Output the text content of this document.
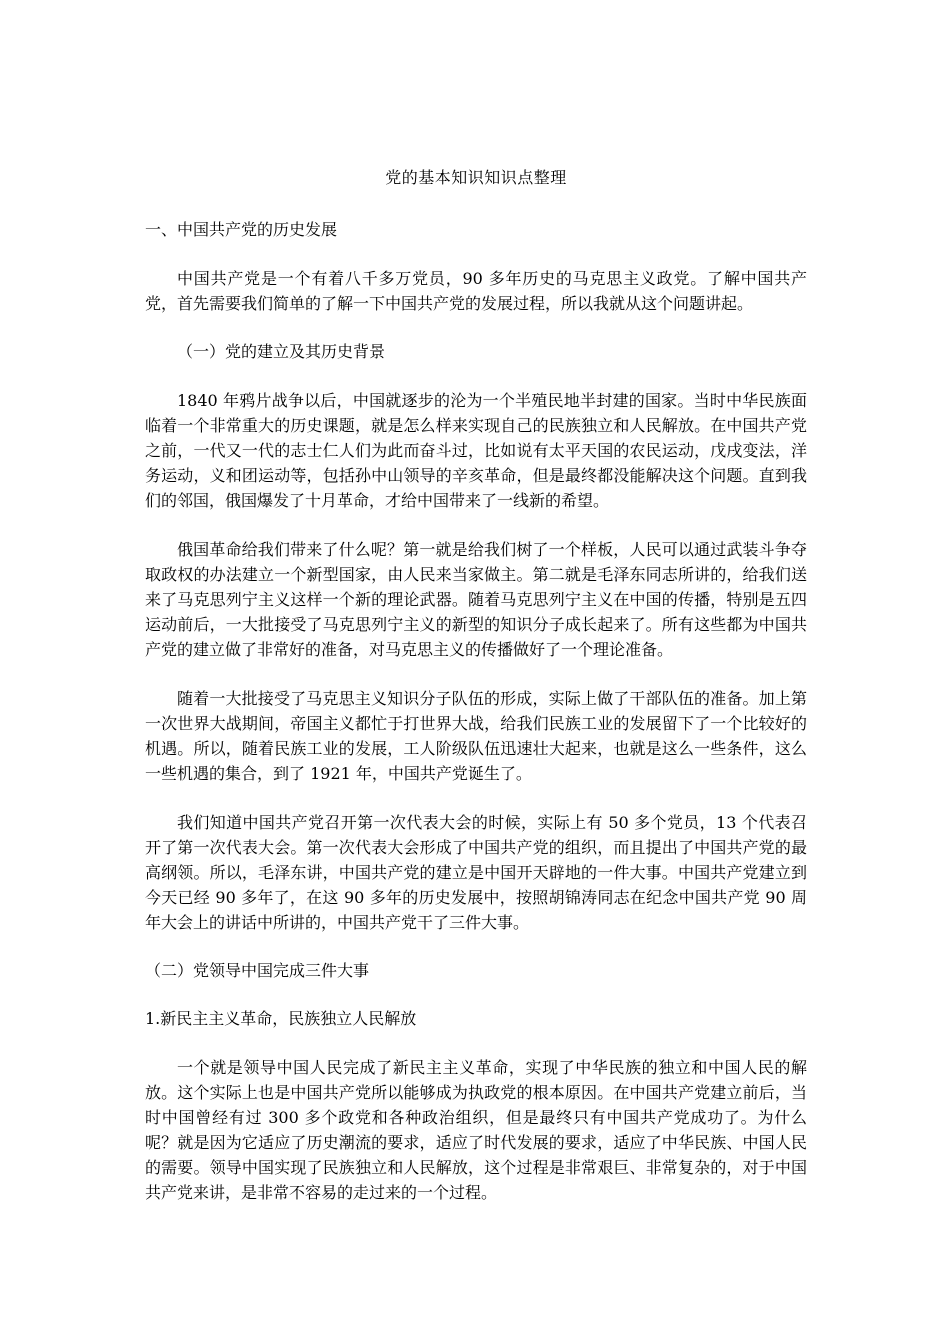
党的基本知识知识点整理
一、中国共产党的历史发展

中国共产党是一个有着八千多万党员，90 多年历史的马克思主义政党。了解中国共产党，首先需要我们简单的了解一下中国共产党的发展过程，所以我就从这个问题讲起。

（一）党的建立及其历史背景

1840 年鸦片战争以后，中国就逐步的沦为一个半殖民地半封建的国家。当时中华民族面临着一个非常重大的历史课题，就是怎么样来实现自己的民族独立和人民解放。在中国共产党之前，一代又一代的志士仁人们为此而奋斗过，比如说有太平天国的农民运动，戊戌变法，洋务运动，义和团运动等，包括孙中山领导的辛亥革命，但是最终都没能解决这个问题。直到我们的邻国，俄国爆发了十月革命，才给中国带来了一线新的希望。

俄国革命给我们带来了什么呢？第一就是给我们树了一个样板，人民可以通过武装斗争夺取政权的办法建立一个新型国家，由人民来当家做主。第二就是毛泽东同志所讲的，给我们送来了马克思列宁主义这样一个新的理论武器。随着马克思列宁主义在中国的传播，特别是五四运动前后，一大批接受了马克思列宁主义的新型的知识分子成长起来了。所有这些都为中国共产党的建立做了非常好的准备，对马克思主义的传播做好了一个理论准备。

随着一大批接受了马克思主义知识分子队伍的形成，实际上做了干部队伍的准备。加上第一次世界大战期间，帝国主义都忙于打世界大战，给我们民族工业的发展留下了一个比较好的机遇。所以，随着民族工业的发展，工人阶级队伍迅速壮大起来，也就是这么一些条件，这么一些机遇的集合，到了 1921 年，中国共产党诞生了。

我们知道中国共产党召开第一次代表大会的时候，实际上有 50 多个党员，13 个代表召开了第一次代表大会。第一次代表大会形成了中国共产党的组织，而且提出了中国共产党的最高纲领。所以，毛泽东讲，中国共产党的建立是中国开天辟地的一件大事。中国共产党建立到今天已经 90 多年了，在这 90 多年的历史发展中，按照胡锦涛同志在纪念中国共产党 90 周年大会上的讲话中所讲的，中国共产党干了三件大事。

（二）党领导中国完成三件大事
1.新民主主义革命，民族独立人民解放

一个就是领导中国人民完成了新民主主义革命，实现了中华民族的独立和中国人民的解放。这个实际上也是中国共产党所以能够成为执政党的根本原因。在中国共产党建立前后，当时中国曾经有过 300 多个政党和各种政治组织，但是最终只有中国共产党成功了。为什么呢？就是因为它适应了历史潮流的要求，适应了时代发展的要求，适应了中华民族、中国人民的需要。领导中国实现了民族独立和人民解放，这个过程是非常艰巨、非常复杂的，对于中国共产党来讲，是非常不容易的走过来的一个过程。
